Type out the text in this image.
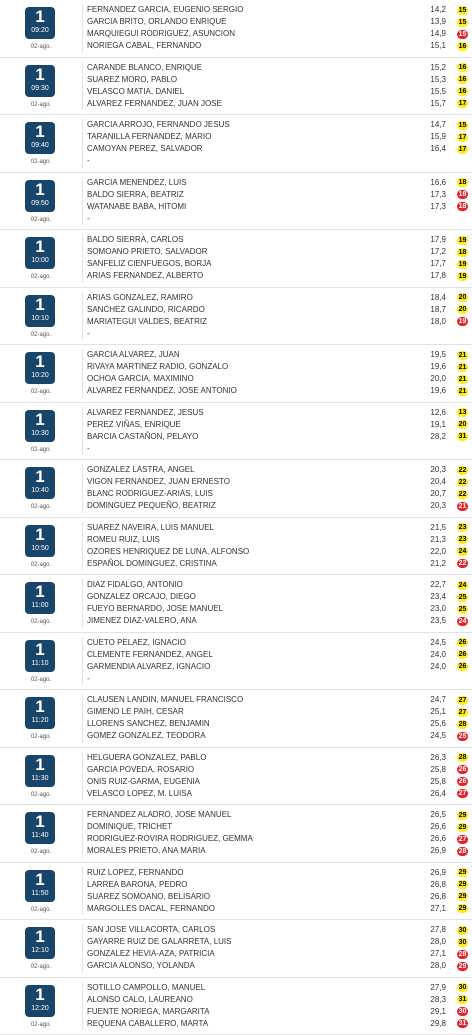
1
09:20
02-ago.
FERNANDEZ GARCIA, EUGENIO SERGIO	14,2 15
GARCIA BRITO, ORLANDO ENRIQUE	13,9 15
MARQUIEGUI RODRIGUEZ, ASUNCION	14,9 15
NORIEGA CABAL, FERNANDO	15,1 16
1
09:30
02-ago.
CARANDE BLANCO, ENRIQUE	15,2 16
SUAREZ MORO, PABLO	15,3 16
VELASCO MATIA, DANIEL	15,5 16
ALVAREZ FERNANDEZ, JUAN JOSE	15,7 17
1
09:40
02-ago.
GARCIA ARROJO, FERNANDO JESUS	14,7 15
TARANILLA FERNANDEZ, MARIO	15,9 17
CAMOYAN PEREZ, SALVADOR	16,4 17
-
1
09:50
02-ago.
GARCIA MENENDEZ, LUIS	16,6 18
BALDO SIERRA, BEATRIZ	17,3 18
WATANABE BABA, HITOMI	17,3 18
-
1
10:00
02-ago.
BALDO SIERRA, CARLOS	17,9 19
SOMOANO PRIETO, SALVADOR	17,2 18
SANFELIZ CIENFUEGOS, BORJA	17,7 19
ARIAS FERNANDEZ, ALBERTO	17,8 19
1
10:10
02-ago.
ARIAS GONZALEZ, RAMIRO	18,4 20
SANCHEZ GALINDO, RICARDO	18,7 20
MARIATEGUI VALDES, BEATRIZ	18,0 19
-
1
10:20
02-ago.
GARCIA ALVAREZ, JUAN	19,5 21
RIVAYA MARTINEZ RADIO, GONZALO	19,6 21
OCHOA GARCIA, MAXIMINO	20,0 21
ALVAREZ FERNANDEZ, JOSE ANTONIO	19,6 21
1
10:30
02-ago.
ALVAREZ FERNANDEZ, JESUS	12,6 13
PEREZ VIÑAS, ENRIQUE	19,1 20
BARCIA CASTAÑON, PELAYO	28,2 31
-
1
10:40
02-ago.
GONZALEZ LASTRA, ANGEL	20,3 22
VIGON FERNANDEZ, JUAN ERNESTO	20,4 22
BLANC RODRIGUEZ-ARIAS, LUIS	20,7 22
DOMINGUEZ PEQUEÑO, BEATRIZ	20,3 21
1
10:50
02-ago.
SUAREZ NAVEIRA, LUIS MANUEL	21,5 23
ROMEU RUIZ, LUIS	21,3 23
OZORES HENRIQUEZ DE LUNA, ALFONSO	22,0 24
ESPAÑOL DOMINGUEZ, CRISTINA	21,2 22
1
11:00
02-ago.
DIAZ FIDALGO, ANTONIO	22,7 24
GONZALEZ ORCAJO, DIEGO	23,4 25
FUEYO BERNARDO, JOSE MANUEL	23,0 25
JIMENEZ DIAZ-VALERO, ANA	23,5 24
1
11:10
02-ago.
CUETO PELAEZ, IGNACIO	24,5 26
CLEMENTE FERNANDEZ, ANGEL	24,0 26
GARMENDIA ALVAREZ, IGNACIO	24,0 26
-
1
11:20
02-ago.
CLAUSEN LANDIN, MANUEL FRANCISCO	24,7 27
GIMENO LE PAIH, CESAR	25,1 27
LLORENS SANCHEZ, BENJAMIN	25,6 28
GOMEZ GONZALEZ, TEODORA	24,5 25
1
11:30
02-ago.
HELGUERA GONZALEZ, PABLO	26,3 28
GARCIA POVEDA, ROSARIO	25,8 26
ONIS RUIZ-GARMA, EUGENIA	25,8 26
VELASCO LOPEZ, M. LUISA	26,4 27
1
11:40
02-ago.
FERNANDEZ ALADRO, JOSE MANUEL	26,5 29
DOMINIQUE, TRICHET	26,6 29
RODRIGUEZ-ROVIRA RODRIGUEZ, GEMMA	26,6 27
MORALES PRIETO, ANA MARIA	26,9 28
1
11:50
02-ago.
RUIZ LOPEZ, FERNANDO	26,9 29
LARREA BARONA, PEDRO	26,8 29
SUAREZ SOMOANO, BELISARIO	26,8 29
MARGOLLES DACAL, FERNANDO	27,1 29
1
12:10
02-ago.
SAN JOSE VILLACORTA, CARLOS	27,8 30
GAYARRE RUIZ DE GALARRETA, LUIS	28,0 30
GONZALEZ HEVIA-AZA, PATRICIA	27,1 28
GARCIA ALONSO, YOLANDA	28,0 29
1
12:20
02-ago.
SOTILLO CAMPOLLO, MANUEL	27,9 30
ALONSO CALO, LAUREANO	28,3 31
FUENTE NORIEGA, MARGARITA	29,1 30
REQUENA CABALLERO, MARTA	29,8 31
